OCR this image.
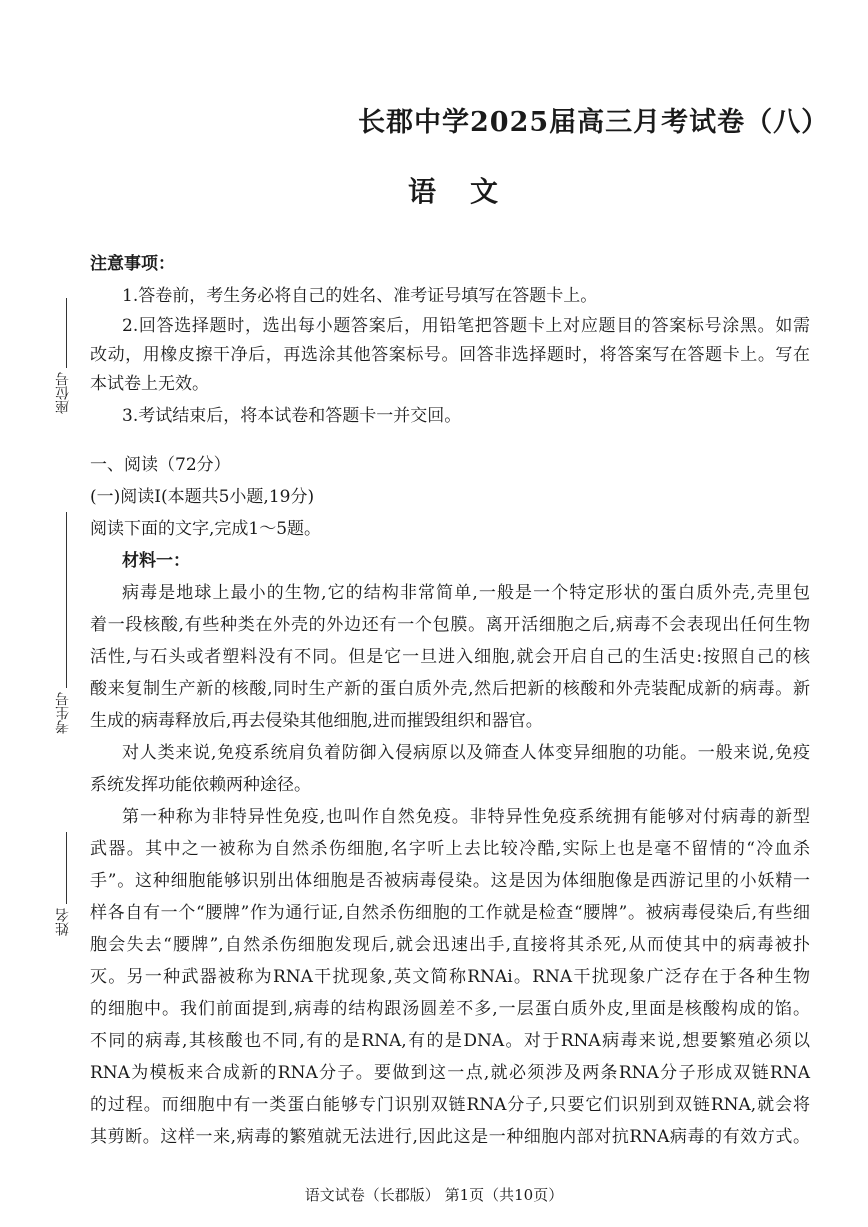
座位号
考生号
姓名
长郡中学2025届高三月考试卷（八）
语文
注意事项：
1.答卷前，考生务必将自己的姓名、准考证号填写在答题卡上。
2.回答选择题时，选出每小题答案后，用铅笔把答题卡上对应题目的答案标号涂黑。如需
改动，用橡皮擦干净后，再选涂其他答案标号。回答非选择题时，将答案写在答题卡上。写在
本试卷上无效。
3.考试结束后，将本试卷和答题卡一并交回。
一、阅读（72分）
(一)阅读Ⅰ(本题共5小题,19分)
阅读下面的文字,完成1～5题。
材料一：
病毒是地球上最小的生物,它的结构非常简单,一般是一个特定形状的蛋白质外壳,壳里包
着一段核酸,有些种类在外壳的外边还有一个包膜。离开活细胞之后,病毒不会表现出任何生物
活性,与石头或者塑料没有不同。但是它一旦进入细胞,就会开启自己的生活史:按照自己的核
酸来复制生产新的核酸,同时生产新的蛋白质外壳,然后把新的核酸和外壳装配成新的病毒。新
生成的病毒释放后,再去侵染其他细胞,进而摧毁组织和器官。
对人类来说,免疫系统肩负着防御入侵病原以及筛查人体变异细胞的功能。一般来说,免疫
系统发挥功能依赖两种途径。
第一种称为非特异性免疫,也叫作自然免疫。非特异性免疫系统拥有能够对付病毒的新型
武器。其中之一被称为自然杀伤细胞,名字听上去比较冷酷,实际上也是毫不留情的“冷血杀
手”。这种细胞能够识别出体细胞是否被病毒侵染。这是因为体细胞像是西游记里的小妖精一
样各自有一个“腰牌”作为通行证,自然杀伤细胞的工作就是检查“腰牌”。被病毒侵染后,有些细
胞会失去“腰牌”,自然杀伤细胞发现后,就会迅速出手,直接将其杀死,从而使其中的病毒被扑
灭。另一种武器被称为RNA干扰现象,英文简称RNAi。RNA干扰现象广泛存在于各种生物
的细胞中。我们前面提到,病毒的结构跟汤圆差不多,一层蛋白质外皮,里面是核酸构成的馅。
不同的病毒,其核酸也不同,有的是RNA,有的是DNA。对于RNA病毒来说,想要繁殖必须以
RNA为模板来合成新的RNA分子。要做到这一点,就必须涉及两条RNA分子形成双链RNA
的过程。而细胞中有一类蛋白能够专门识别双链RNA分子,只要它们识别到双链RNA,就会将
其剪断。这样一来,病毒的繁殖就无法进行,因此这是一种细胞内部对抗RNA病毒的有效方式。
语文试卷（长郡版） 第1页（共10页）
